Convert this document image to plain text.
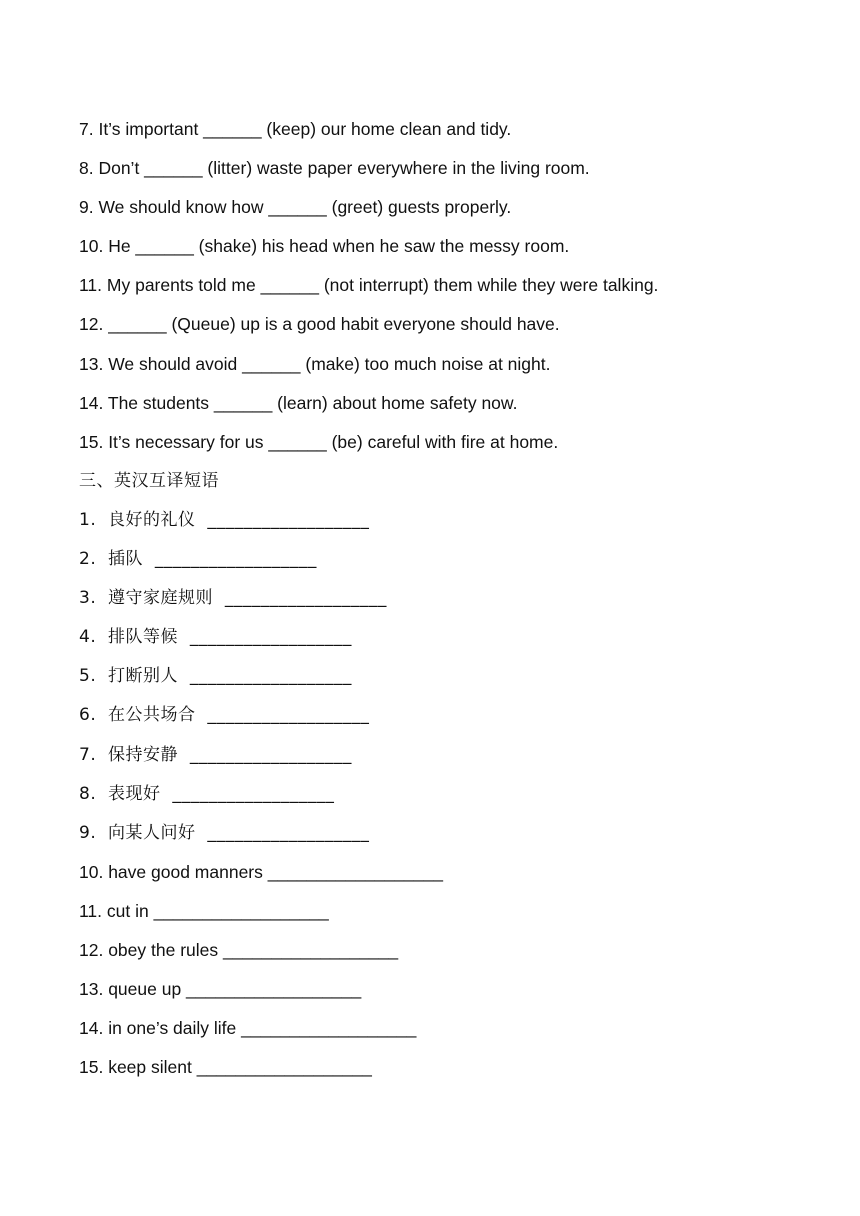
7. It’s important ______ (keep) our home clean and tidy.
8. Don’t ______ (litter) waste paper everywhere in the living room.
9. We should know how ______ (greet) guests properly.
10. He ______ (shake) his head when he saw the messy room.
11. My parents told me ______ (not interrupt) them while they were talking.
12. ______ (Queue) up is a good habit everyone should have.
13. We should avoid ______ (make) too much noise at night.
14. The students ______ (learn) about home safety now.
15. It’s necessary for us ______ (be) careful with fire at home.
三、英汉互译短语
1.  良好的礼仪  __________________
2.  插队  __________________
3.  遵守家庭规则  __________________
4.  排队等候  __________________
5.  打断别人  __________________
6.  在公共场合  __________________
7.  保持安静  __________________
8.  表现好  __________________
9.  向某人问好  __________________
10. have good manners __________________
11. cut in __________________
12. obey the rules __________________
13. queue up __________________
14. in one’s daily life __________________
15. keep silent __________________
